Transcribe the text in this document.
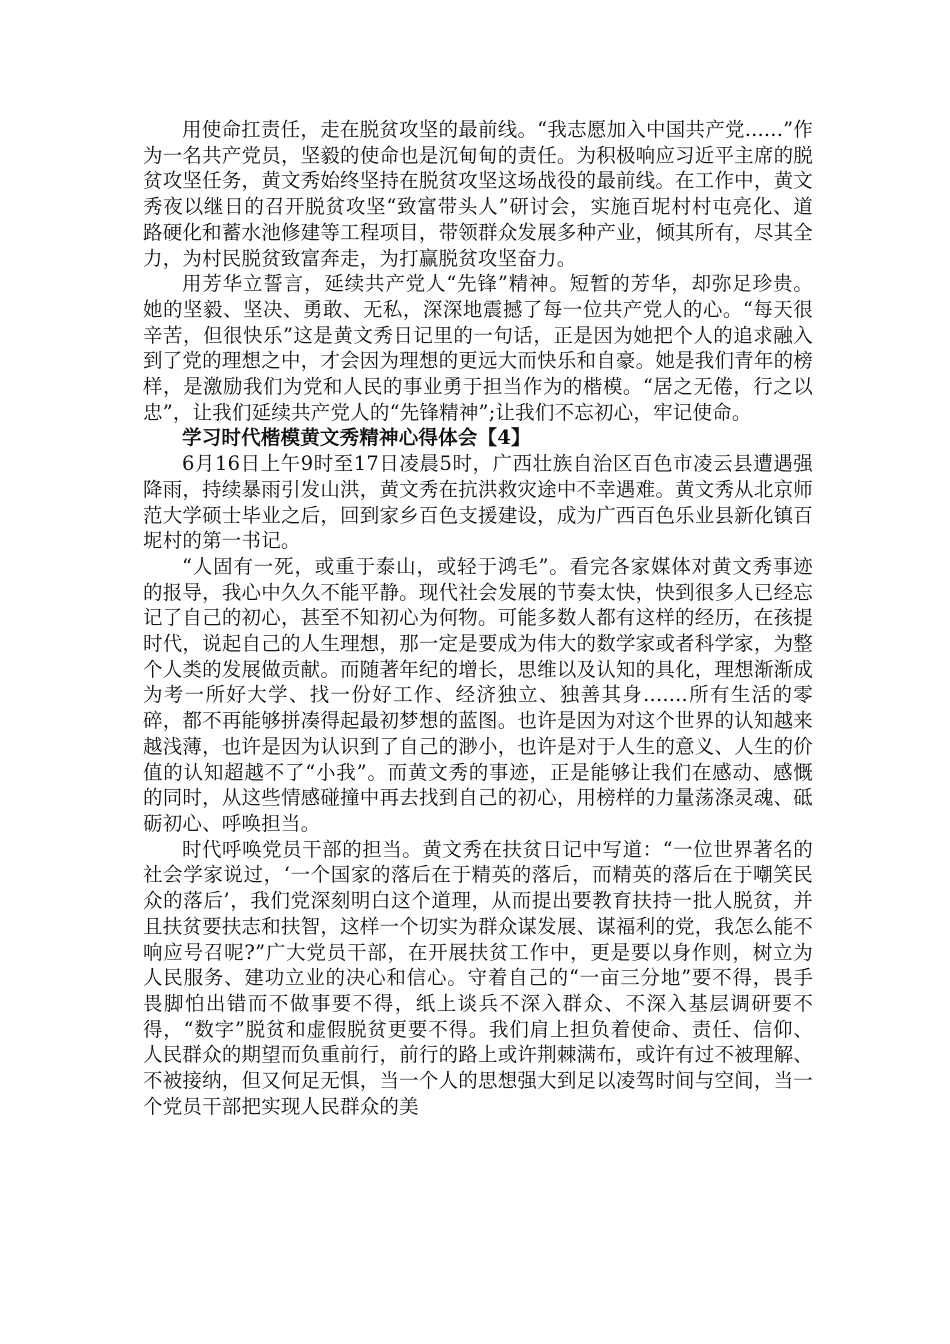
用使命扛责任，走在脱贫攻坚的最前线。“我志愿加入中国共产党......”作为一名共产党员，坚毅的使命也是沉甸甸的责任。为积极响应习近平主席的脱贫攻坚任务，黄文秀始终坚持在脱贫攻坚这场战役的最前线。在工作中，黄文秀夜以继日的召开脱贫攻坚“致富带头人”研讨会，实施百坭村村屯亮化、道路硬化和蓄水池修建等工程项目，带领群众发展多种产业，倾其所有，尽其全力，为村民脱贫致富奔走，为打赢脱贫攻坚奋力。

用芳华立誓言，延续共产党人“先锋”精神。短暂的芳华，却弥足珍贵。她的坚毅、坚决、勇敢、无私，深深地震撼了每一位共产党人的心。“每天很辛苦，但很快乐”这是黄文秀日记里的一句话，正是因为她把个人的追求融入到了党的理想之中，才会因为理想的更远大而快乐和自豪。她是我们青年的榜样，是激励我们为党和人民的事业勇于担当作为的楷模。“居之无倦，行之以忠”，让我们延续共产党人的“先锋精神”;让我们不忘初心，牢记使命。

学习时代楷模黄文秀精神心得体会【4】

6月16日上午9时至17日凌晨5时，广西壮族自治区百色市凌云县遭遇强降雨，持续暴雨引发山洪，黄文秀在抗洪救灾途中不幸遇难。黄文秀从北京师范大学硕士毕业之后，回到家乡百色支援建设，成为广西百色乐业县新化镇百坭村的第一书记。

“人固有一死，或重于泰山，或轻于鸿毛”。看完各家媒体对黄文秀事迹的报导，我心中久久不能平静。现代社会发展的节奏太快，快到很多人已经忘记了自己的初心，甚至不知初心为何物。可能多数人都有这样的经历，在孩提时代，说起自己的人生理想，那一定是要成为伟大的数学家或者科学家，为整个人类的发展做贡献。而随著年纪的增长，思维以及认知的具化，理想渐渐成为考一所好大学、找一份好工作、经济独立、独善其身.......所有生活的零碎，都不再能够拼凑得起最初梦想的蓝图。也许是因为对这个世界的认知越来越浅薄，也许是因为认识到了自己的渺小，也许是对于人生的意义、人生的价值的认知超越不了“小我”。而黄文秀的事迹，正是能够让我们在感动、感慨的同时，从这些情感碰撞中再去找到自己的初心，用榜样的力量荡涤灵魂、砥砺初心、呼唤担当。

时代呼唤党员干部的担当。黄文秀在扶贫日记中写道：“一位世界著名的社会学家说过，‘一个国家的落后在于精英的落后，而精英的落后在于嘲笑民众的落后’，我们党深刻明白这个道理，从而提出要教育扶持一批人脱贫，并且扶贫要扶志和扶智，这样一个切实为群众谋发展、谋福利的党，我怎么能不响应号召呢?”广大党员干部，在开展扶贫工作中，更是要以身作则，树立为人民服务、建功立业的决心和信心。守着自己的“一亩三分地”要不得，畏手畏脚怕出错而不做事要不得，纸上谈兵不深入群众、不深入基层调研要不得，“数字”脱贫和虚假脱贫更要不得。我们肩上担负着使命、责任、信仰、人民群众的期望而负重前行，前行的路上或许荆棘满布，或许有过不被理解、不被接纳，但又何足无惧，当一个人的思想强大到足以凌驾时间与空间，当一个党员干部把实现人民群众的美
